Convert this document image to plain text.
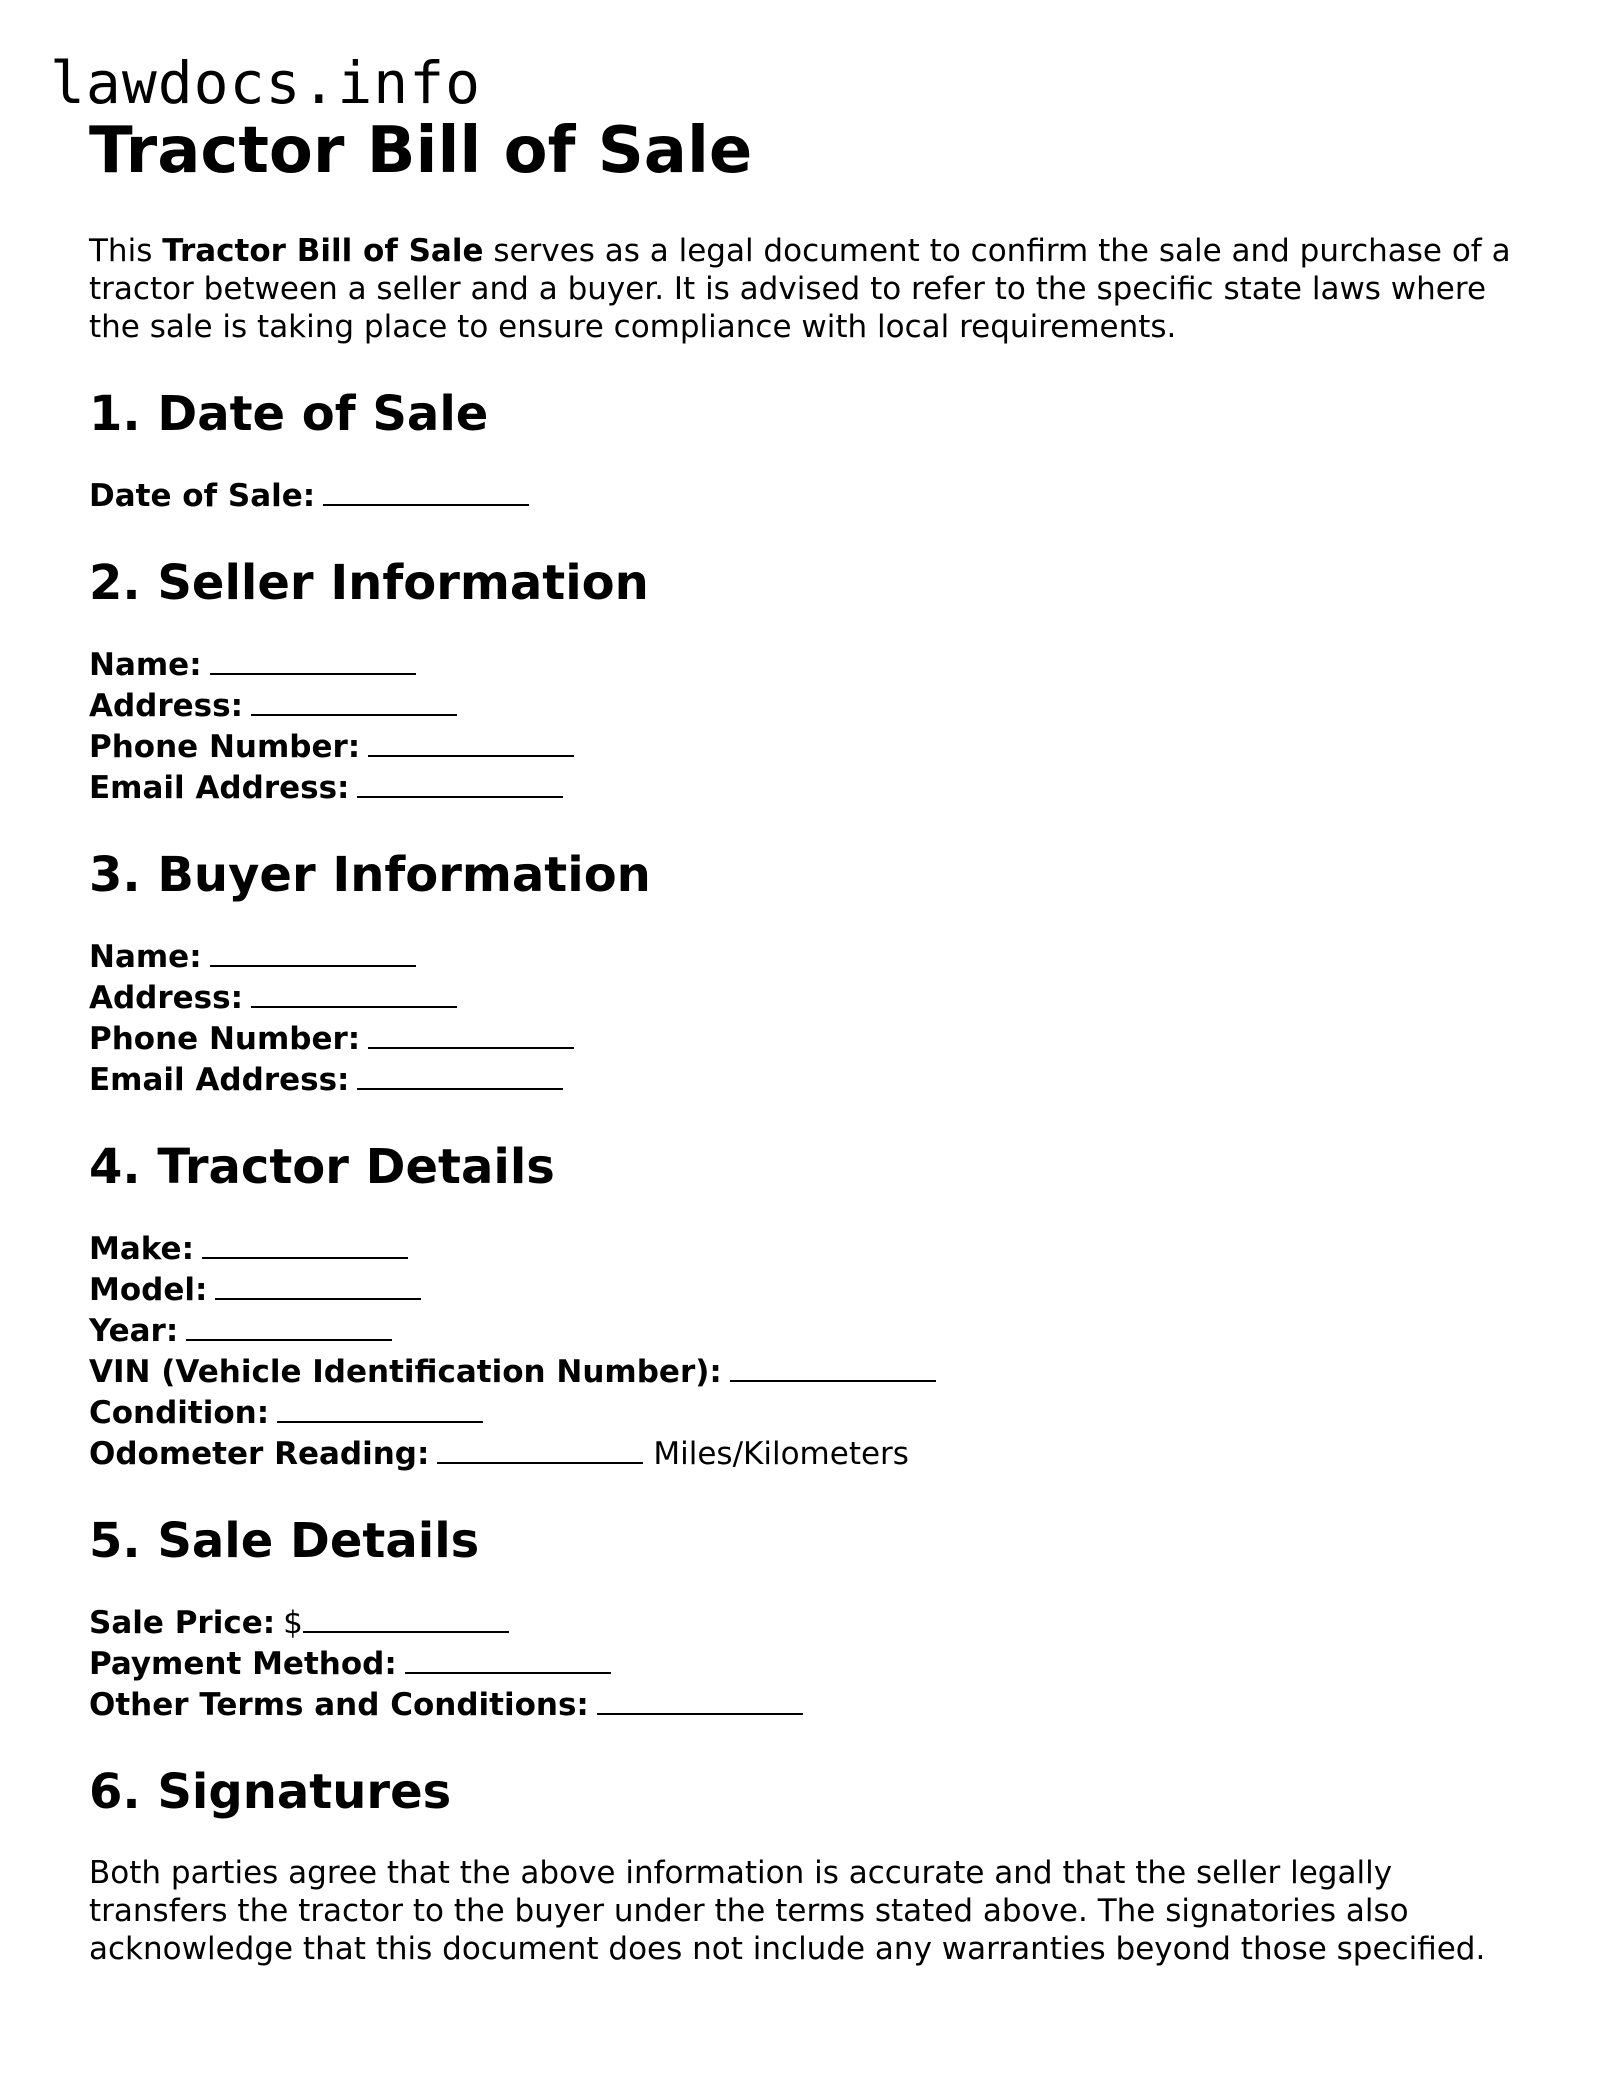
lawdocs.info
Tractor Bill of Sale

This Tractor Bill of Sale serves as a legal document to confirm the sale and purchase of a tractor between a seller and a buyer. It is advised to refer to the specific state laws where the sale is taking place to ensure compliance with local requirements.

1. Date of Sale
Date of Sale:
2. Seller Information
Name:
Address:
Phone Number:
Email Address:
3. Buyer Information
Name:
Address:
Phone Number:
Email Address:
4. Tractor Details
Make:
Model:
Year:
VIN (Vehicle Identification Number):
Condition:
Odometer Reading:	Miles/Kilometers
5. Sale Details
Sale Price: $
Payment Method:
Other Terms and Conditions:
6. Signatures

Both parties agree that the above information is accurate and that the seller legally transfers the tractor to the buyer under the terms stated above. The signatories also acknowledge that this document does not include any warranties beyond those specified.
